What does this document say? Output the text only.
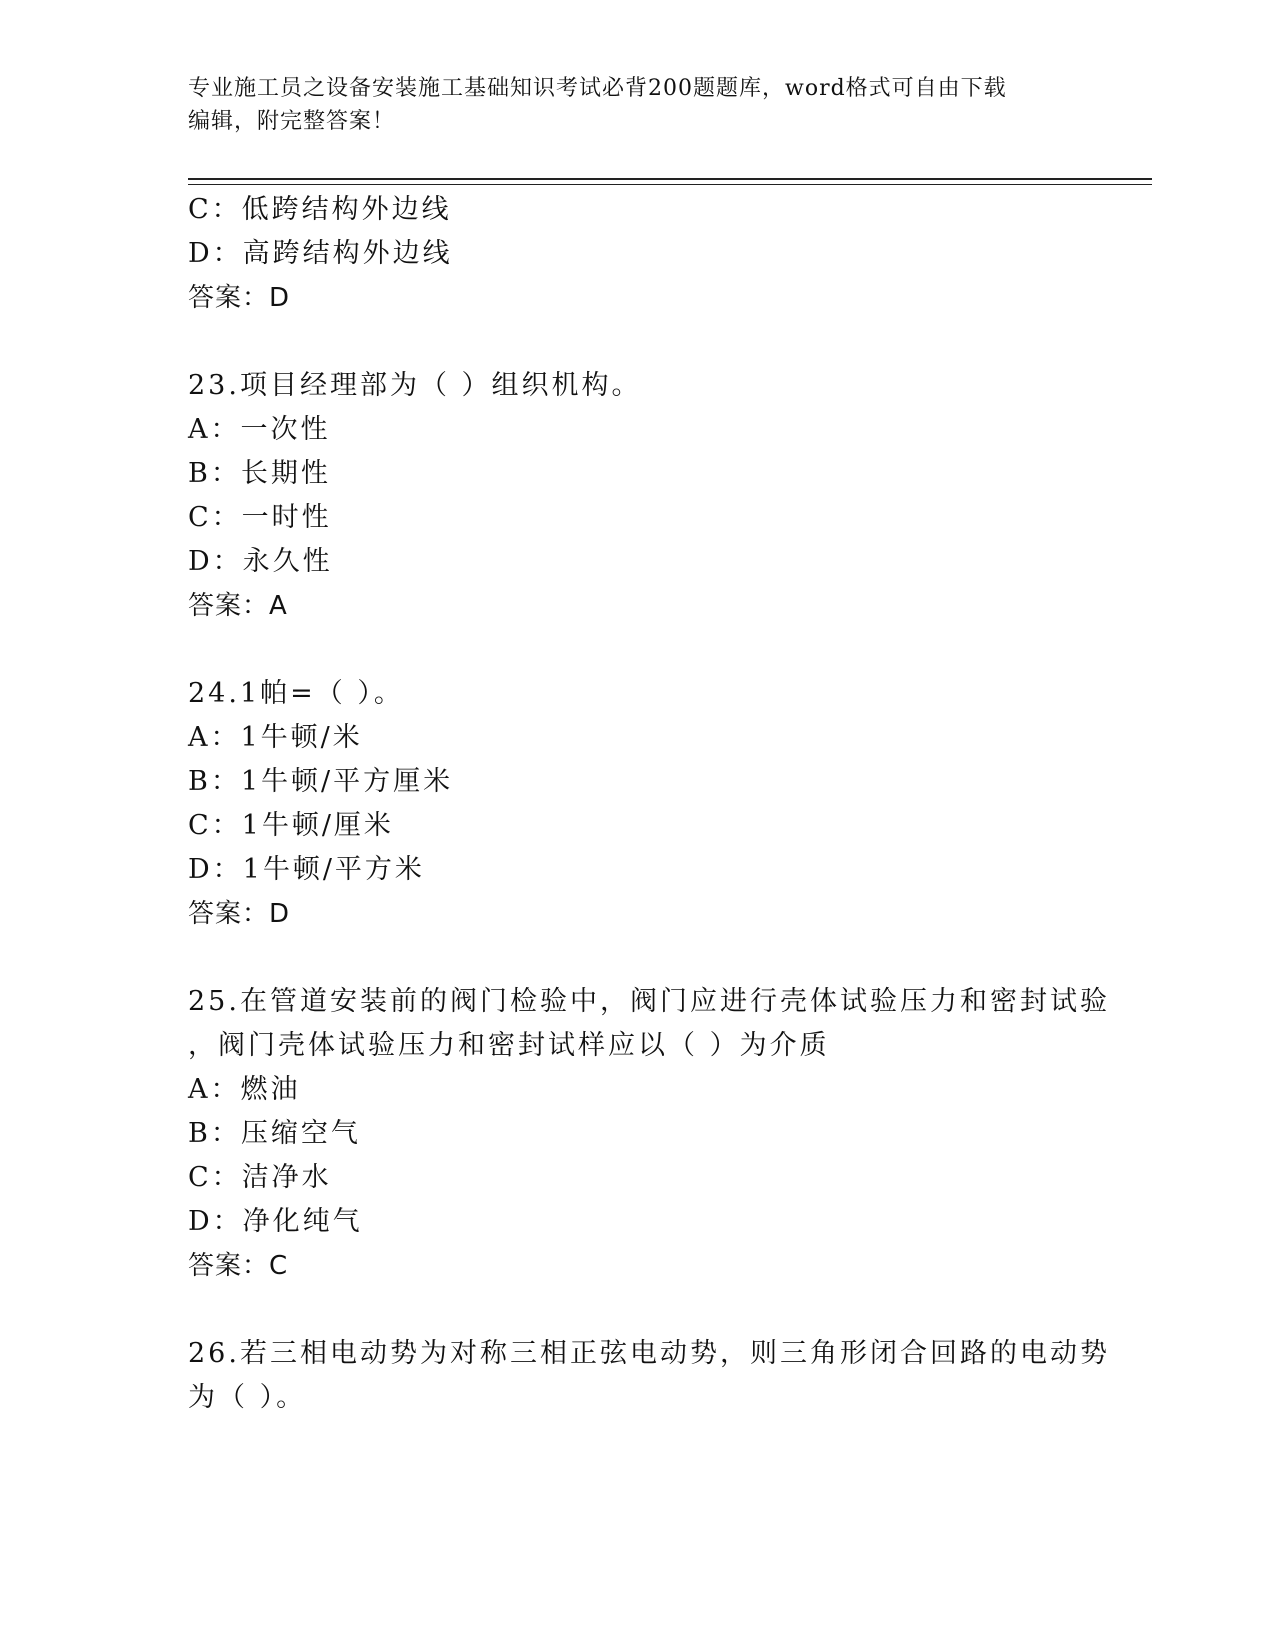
专业施工员之设备安装施工基础知识考试必背200题题库，word格式可自由下载
编辑，附完整答案！
C：低跨结构外边线
D：高跨结构外边线
答案：D
23.项目经理部为（ ）组织机构。
A：一次性
B：长期性
C：一时性
D：永久性
答案：A
24.1帕=（ ）。
A：1牛顿/米
B：1牛顿/平方厘米
C：1牛顿/厘米
D：1牛顿/平方米
答案：D
25.在管道安装前的阀门检验中，阀门应进行壳体试验压力和密封试验
，阀门壳体试验压力和密封试样应以（ ）为介质
A：燃油
B：压缩空气
C：洁净水
D：净化纯气
答案：C
26.若三相电动势为对称三相正弦电动势，则三角形闭合回路的电动势
为（ ）。
